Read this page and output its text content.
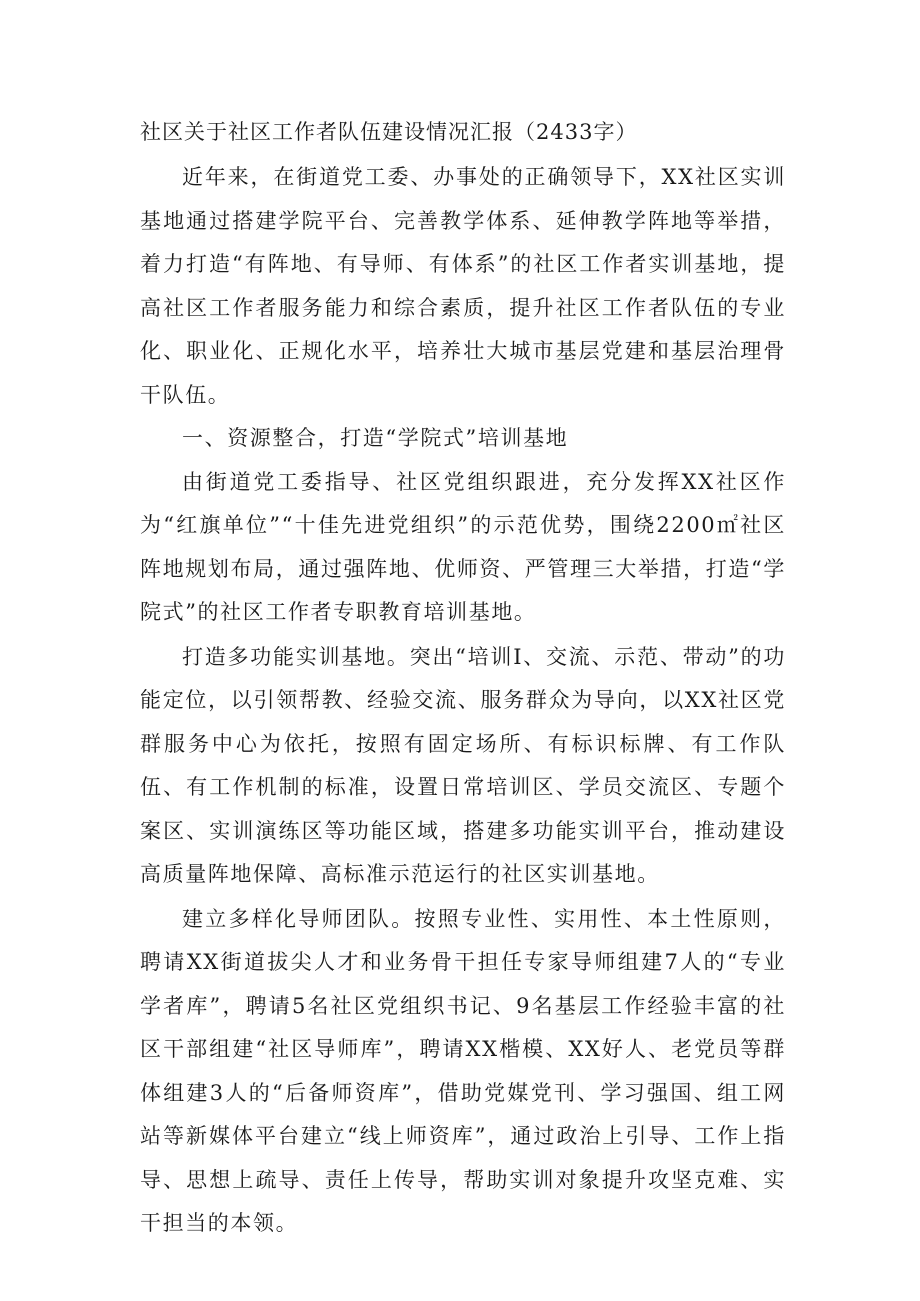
社区关于社区工作者队伍建设情况汇报（2433字）

近年来，在街道党工委、办事处的正确领导下，XX社区实训基地通过搭建学院平台、完善教学体系、延伸教学阵地等举措，着力打造“有阵地、有导师、有体系”的社区工作者实训基地，提高社区工作者服务能力和综合素质，提升社区工作者队伍的专业化、职业化、正规化水平，培养壮大城市基层党建和基层治理骨干队伍。

一、资源整合，打造“学院式”培训基地

由街道党工委指导、社区党组织跟进，充分发挥XX社区作为“红旗单位”“十佳先进党组织”的示范优势，围绕2200㎡社区阵地规划布局，通过强阵地、优师资、严管理三大举措，打造“学院式”的社区工作者专职教育培训基地。

打造多功能实训基地。突出“培训Ⅰ、交流、示范、带动”的功能定位，以引领帮教、经验交流、服务群众为导向，以XX社区党群服务中心为依托，按照有固定场所、有标识标牌、有工作队伍、有工作机制的标准，设置日常培训区、学员交流区、专题个案区、实训演练区等功能区域，搭建多功能实训平台，推动建设高质量阵地保障、高标准示范运行的社区实训基地。

建立多样化导师团队。按照专业性、实用性、本土性原则，聘请XX街道拔尖人才和业务骨干担任专家导师组建7人的“专业学者库”，聘请5名社区党组织书记、9名基层工作经验丰富的社区干部组建“社区导师库”，聘请XX楷模、XX好人、老党员等群体组建3人的“后备师资库”，借助党媒党刊、学习强国、组工网站等新媒体平台建立“线上师资库”，通过政治上引导、工作上指导、思想上疏导、责任上传导，帮助实训对象提升攻坚克难、实干担当的本领。
